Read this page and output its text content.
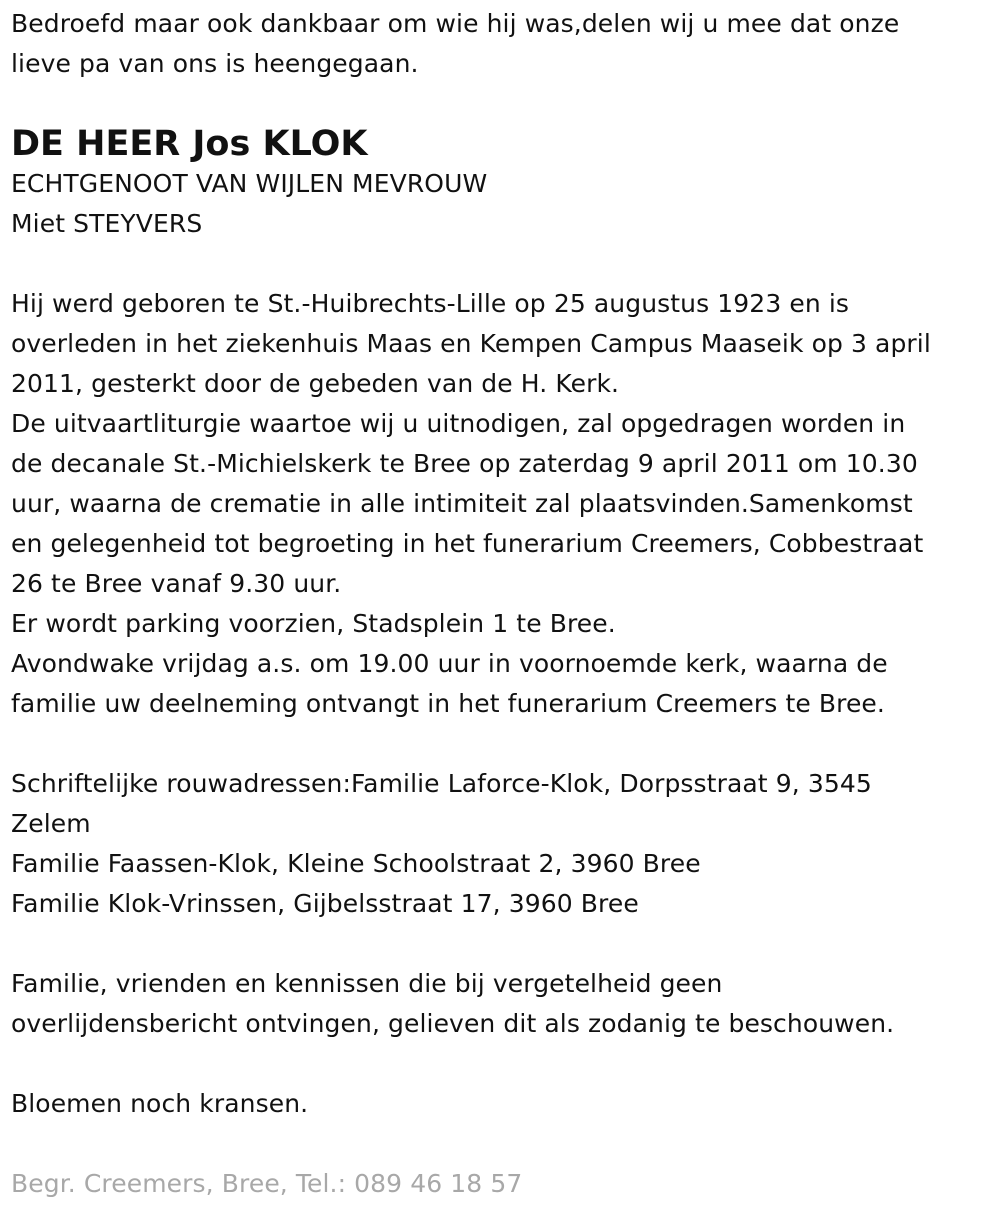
Bedroefd maar ook dankbaar om wie hij was,delen wij u mee dat onze
lieve pa van ons is heengegaan.
DE HEER Jos KLOK
ECHTGENOOT VAN WIJLEN MEVROUW
Miet STEYVERS
Hij werd geboren te St.-Huibrechts-Lille op 25 augustus 1923 en is
overleden in het ziekenhuis Maas en Kempen Campus Maaseik op 3 april
2011, gesterkt door de gebeden van de H. Kerk.
De uitvaartliturgie waartoe wij u uitnodigen, zal opgedragen worden in
de decanale St.-Michielskerk te Bree op zaterdag 9 april 2011 om 10.30
uur, waarna de crematie in alle intimiteit zal plaatsvinden.Samenkomst
en gelegenheid tot begroeting in het funerarium Creemers, Cobbestraat
26 te Bree vanaf 9.30 uur.
Er wordt parking voorzien, Stadsplein 1 te Bree.
Avondwake vrijdag a.s. om 19.00 uur in voornoemde kerk, waarna de
familie uw deelneming ontvangt in het funerarium Creemers te Bree.
Schriftelijke rouwadressen:Familie Laforce-Klok, Dorpsstraat 9, 3545
Zelem
Familie Faassen-Klok, Kleine Schoolstraat 2, 3960 Bree
Familie Klok-Vrinssen, Gijbelsstraat 17, 3960 Bree
Familie, vrienden en kennissen die bij vergetelheid geen
overlijdensbericht ontvingen, gelieven dit als zodanig te beschouwen.
Bloemen noch kransen.
Begr. Creemers, Bree, Tel.: 089 46 18 57
